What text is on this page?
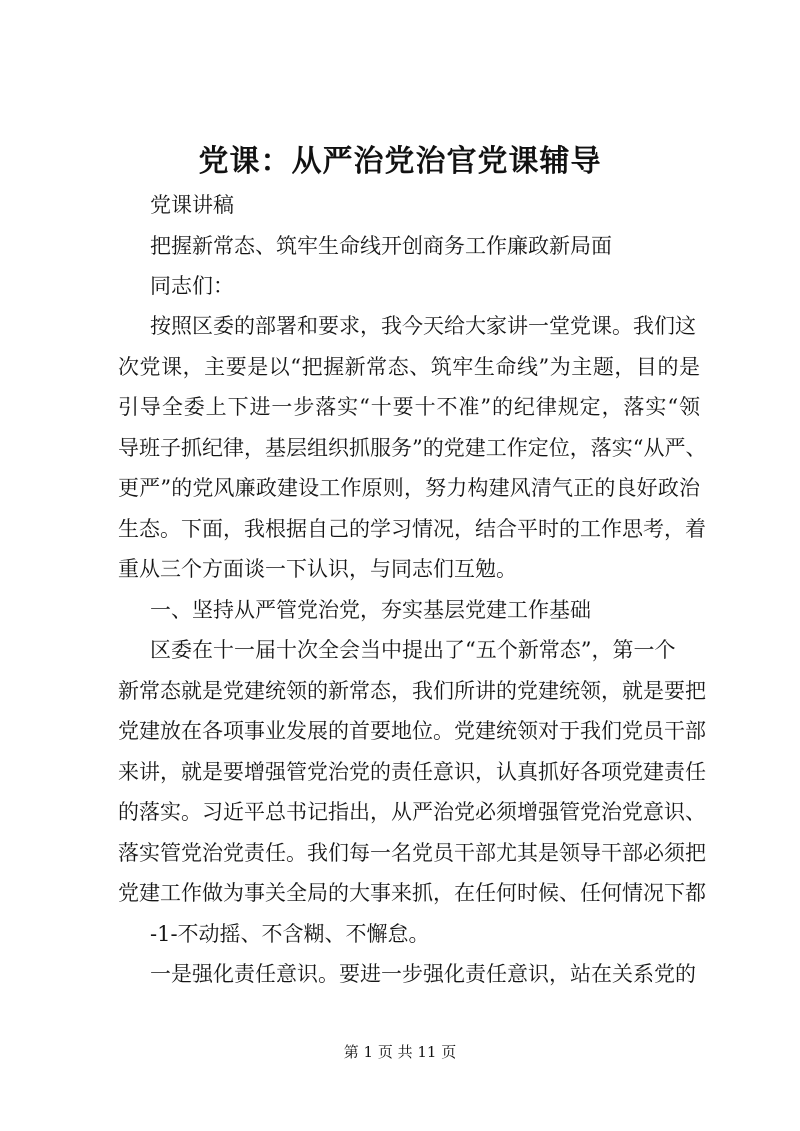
党课：从严治党治官党课辅导
党课讲稿
把握新常态、筑牢生命线开创商务工作廉政新局面
同志们：
按照区委的部署和要求，我今天给大家讲一堂党课。我们这
次党课，主要是以“把握新常态、筑牢生命线”为主题，目的是
引导全委上下进一步落实“十要十不准”的纪律规定，落实“领
导班子抓纪律，基层组织抓服务”的党建工作定位，落实“从严、
更严”的党风廉政建设工作原则，努力构建风清气正的良好政治
生态。下面，我根据自己的学习情况，结合平时的工作思考，着
重从三个方面谈一下认识，与同志们互勉。
一、坚持从严管党治党，夯实基层党建工作基础
区委在十一届十次全会当中提出了“五个新常态”，第一个
新常态就是党建统领的新常态，我们所讲的党建统领，就是要把
党建放在各项事业发展的首要地位。党建统领对于我们党员干部
来讲，就是要增强管党治党的责任意识，认真抓好各项党建责任
的落实。习近平总书记指出，从严治党必须增强管党治党意识、
落实管党治党责任。我们每一名党员干部尤其是领导干部必须把
党建工作做为事关全局的大事来抓，在任何时候、任何情况下都
-1-不动摇、不含糊、不懈怠。
一是强化责任意识。要进一步强化责任意识，站在关系党的
第 1 页 共 11 页
